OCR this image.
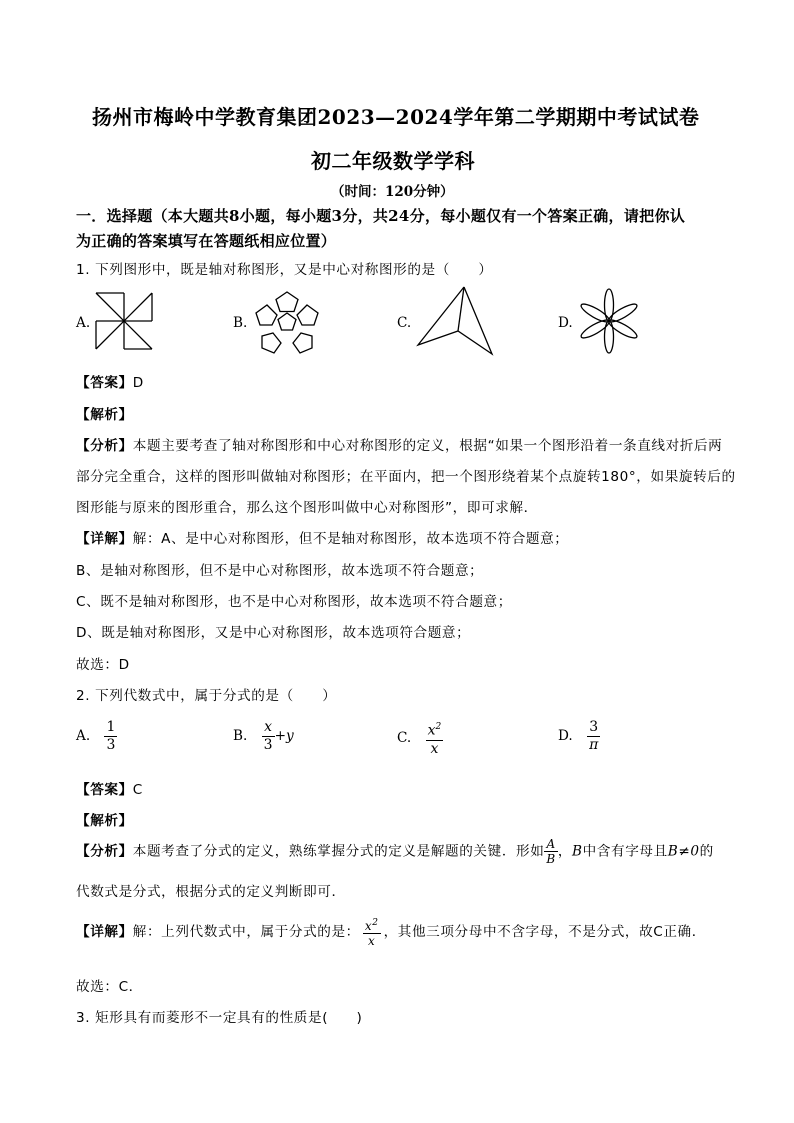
扬州市梅岭中学教育集团2023—2024学年第二学期期中考试试卷
初二年级数学学科
（时间：120分钟）
一．选择题（本大题共8小题，每小题3分，共24分，每小题仅有一个答案正确，请把你认
为正确的答案填写在答题纸相应位置）
1. 下列图形中，既是轴对称图形，又是中心对称图形的是（　　）
A.	B.	C.	D.
【答案】D
【解析】
【分析】本题主要考查了轴对称图形和中心对称图形的定义，根据“如果一个图形沿着一条直线对折后两
部分完全重合，这样的图形叫做轴对称图形；在平面内，把一个图形绕着某个点旋转180°，如果旋转后的
图形能与原来的图形重合，那么这个图形叫做中心对称图形”，即可求解．
【详解】解：A、是中心对称图形，但不是轴对称图形，故本选项不符合题意；
B、是轴对称图形，但不是中心对称图形，故本选项不符合题意；
C、既不是轴对称图形，也不是中心对称图形，故本选项不符合题意；
D、既是轴对称图形，又是中心对称图形，故本选项符合题意；
故选：D
2. 下列代数式中，属于分式的是（　　）
A. $\frac{1}{3}$	B. $\frac{x}{3} +y$	C. $\frac{x^2}{x}$	D. $\frac{3}{\pi}$
【答案】C
【解析】
【分析】本题考查了分式的定义，熟练掌握分式的定义是解题的关键．形如 $\frac{A}{B}$ ，B中含有字母且B≠0的
代数式是分式，根据分式的定义判断即可．
【详解】解：上列代数式中，属于分式的是： $\frac{x^2}{x}$ ，其他三项分母中不含字母，不是分式，故C正确．
故选：C．
3. 矩形具有而菱形不一定具有的性质是(　　)
